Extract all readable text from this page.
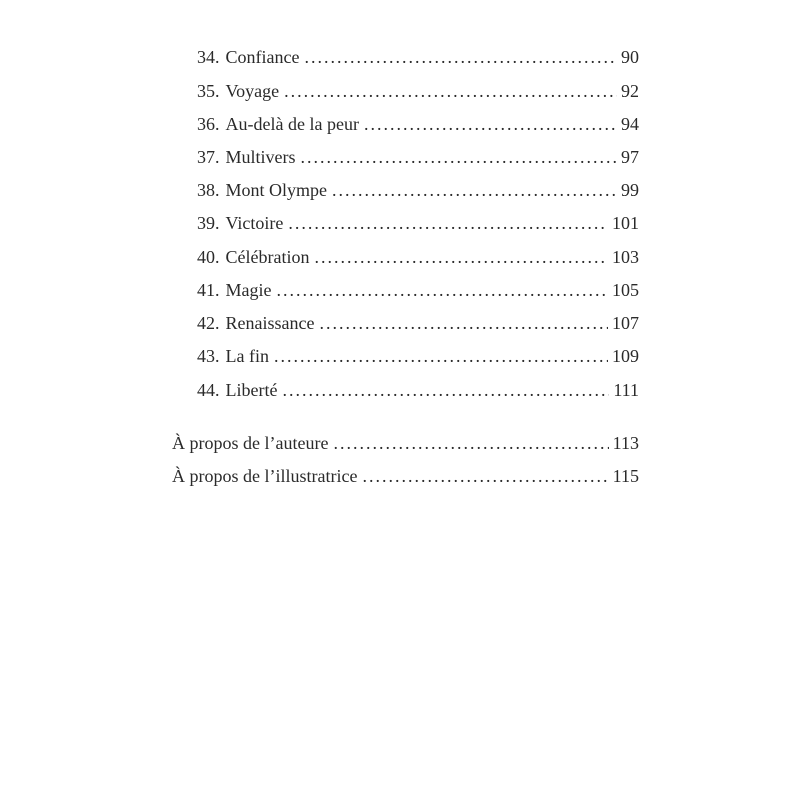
34. Confiance .....	90
35. Voyage .....	92
36. Au-delà de la peur .....	94
37. Multivers .....	97
38. Mont Olympe .....	99
39. Victoire .....	101
40. Célébration .....	103
41. Magie .....	105
42. Renaissance .....	107
43. La fin .....	109
44. Liberté .....	111
À propos de l’auteure .....	113
À propos de l’illustratrice .....	115
